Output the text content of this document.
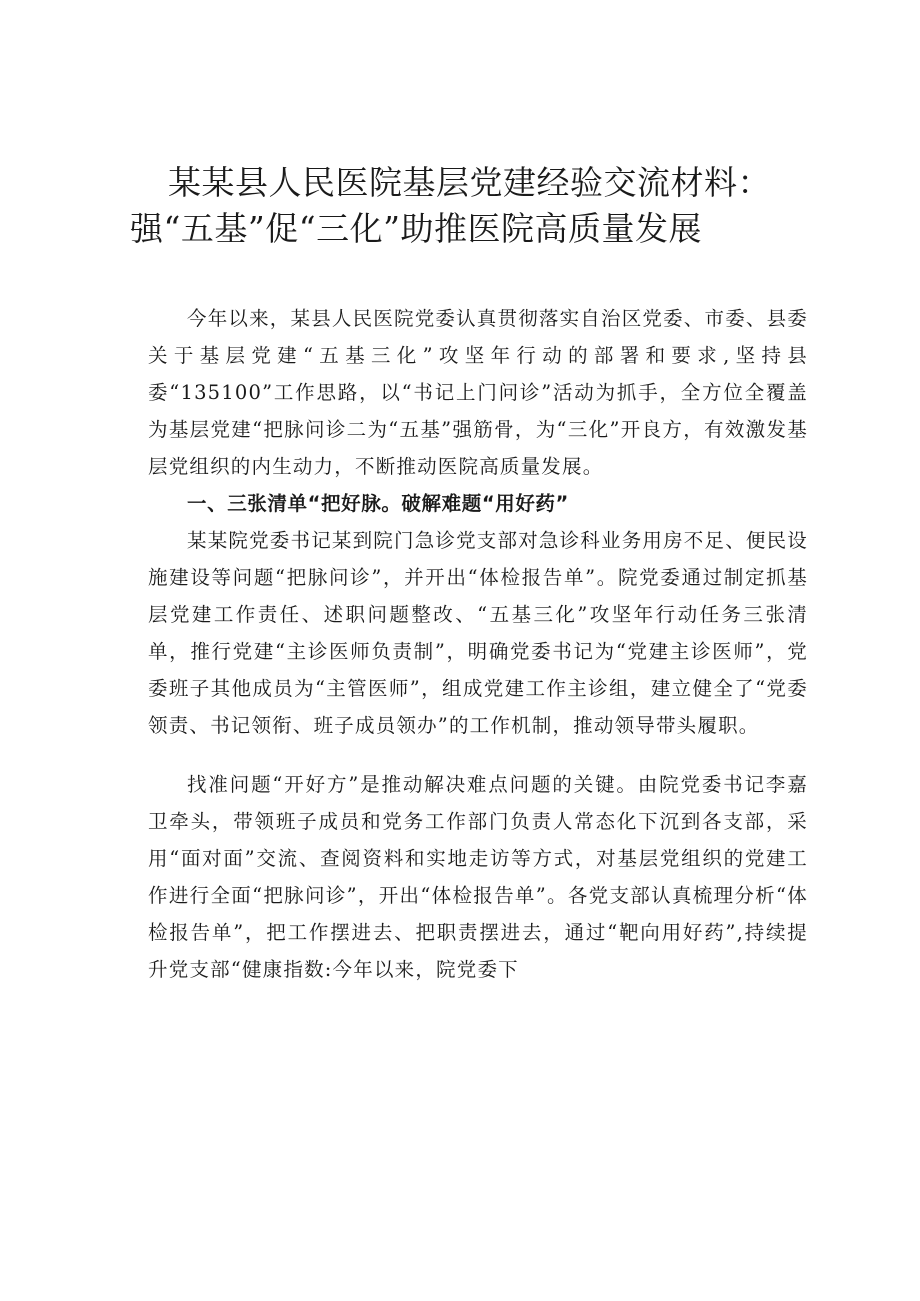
某某县人民医院基层党建经验交流材料：
强“五基”促“三化”助推医院高质量发展

今年以来，某县人民医院党委认真贯彻落实自治区党委、市委、县委关于基层党建“五基三化”攻坚年行动的部署和要求,坚持县委“135100”工作思路，以“书记上门问诊”活动为抓手，全方位全覆盖为基层党建“把脉问诊二为“五基”强筋骨，为“三化”开良方，有效激发基层党组织的内生动力，不断推动医院高质量发展。

一、三张清单“把好脉。破解难题“用好药”

某某院党委书记某到院门急诊党支部对急诊科业务用房不足、便民设施建设等问题“把脉问诊”，并开出“体检报告单”。院党委通过制定抓基层党建工作责任、述职问题整改、“五基三化”攻坚年行动任务三张清单，推行党建“主诊医师负责制”，明确党委书记为“党建主诊医师”，党委班子其他成员为“主管医师”，组成党建工作主诊组，建立健全了“党委领责、书记领衔、班子成员领办”的工作机制，推动领导带头履职。

找准问题“开好方”是推动解决难点问题的关键。由院党委书记李嘉卫牵头，带领班子成员和党务工作部门负责人常态化下沉到各支部，采用“面对面”交流、查阅资料和实地走访等方式，对基层党组织的党建工作进行全面“把脉问诊”，开出“体检报告单”。各党支部认真梳理分析“体检报告单”，把工作摆进去、把职责摆进去，通过“靶向用好药”,持续提升党支部“健康指数:今年以来，院党委下
